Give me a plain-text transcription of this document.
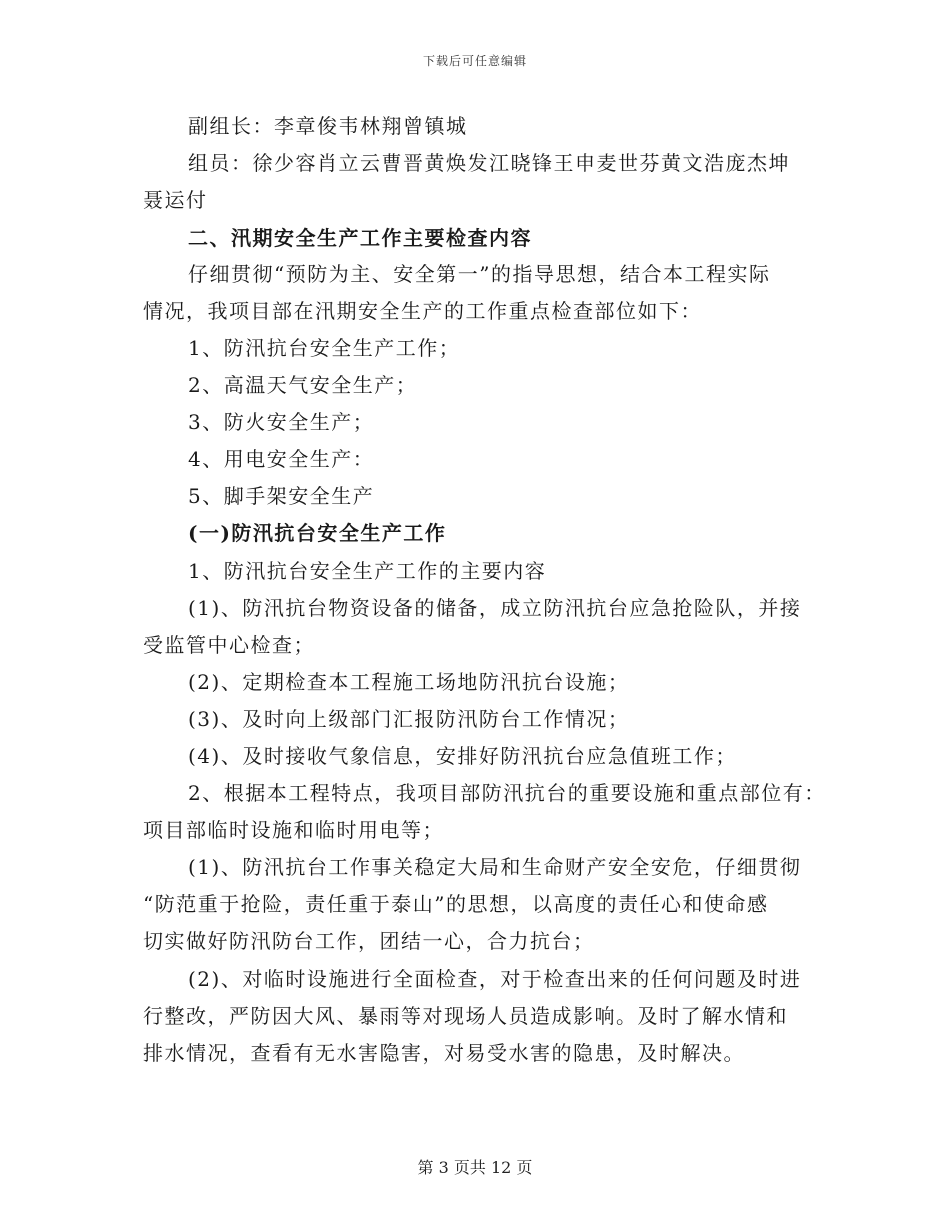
下载后可任意编辑
副组长：李章俊韦林翔曾镇城
组员：徐少容肖立云曹晋黄焕发江晓锋王申麦世芬黄文浩庞杰坤
聂运付
二、汛期安全生产工作主要检查内容
仔细贯彻“预防为主、安全第一”的指导思想，结合本工程实际
情况，我项目部在汛期安全生产的工作重点检查部位如下：
1、防汛抗台安全生产工作；
2、高温天气安全生产；
3、防火安全生产；
4、用电安全生产：
5、脚手架安全生产
(一)防汛抗台安全生产工作
1、防汛抗台安全生产工作的主要内容
(1)、防汛抗台物资设备的储备，成立防汛抗台应急抢险队，并接
受监管中心检查；
(2)、定期检查本工程施工场地防汛抗台设施；
(3)、及时向上级部门汇报防汛防台工作情况；
(4)、及时接收气象信息，安排好防汛抗台应急值班工作；
2、根据本工程特点，我项目部防汛抗台的重要设施和重点部位有：
项目部临时设施和临时用电等；
(1)、防汛抗台工作事关稳定大局和生命财产安全安危，仔细贯彻
“防范重于抢险，责任重于泰山”的思想，以高度的责任心和使命感
切实做好防汛防台工作，团结一心，合力抗台；
(2)、对临时设施进行全面检查，对于检查出来的任何问题及时进
行整改，严防因大风、暴雨等对现场人员造成影响。及时了解水情和
排水情况，查看有无水害隐害，对易受水害的隐患，及时解决。
第 3 页共 12 页
